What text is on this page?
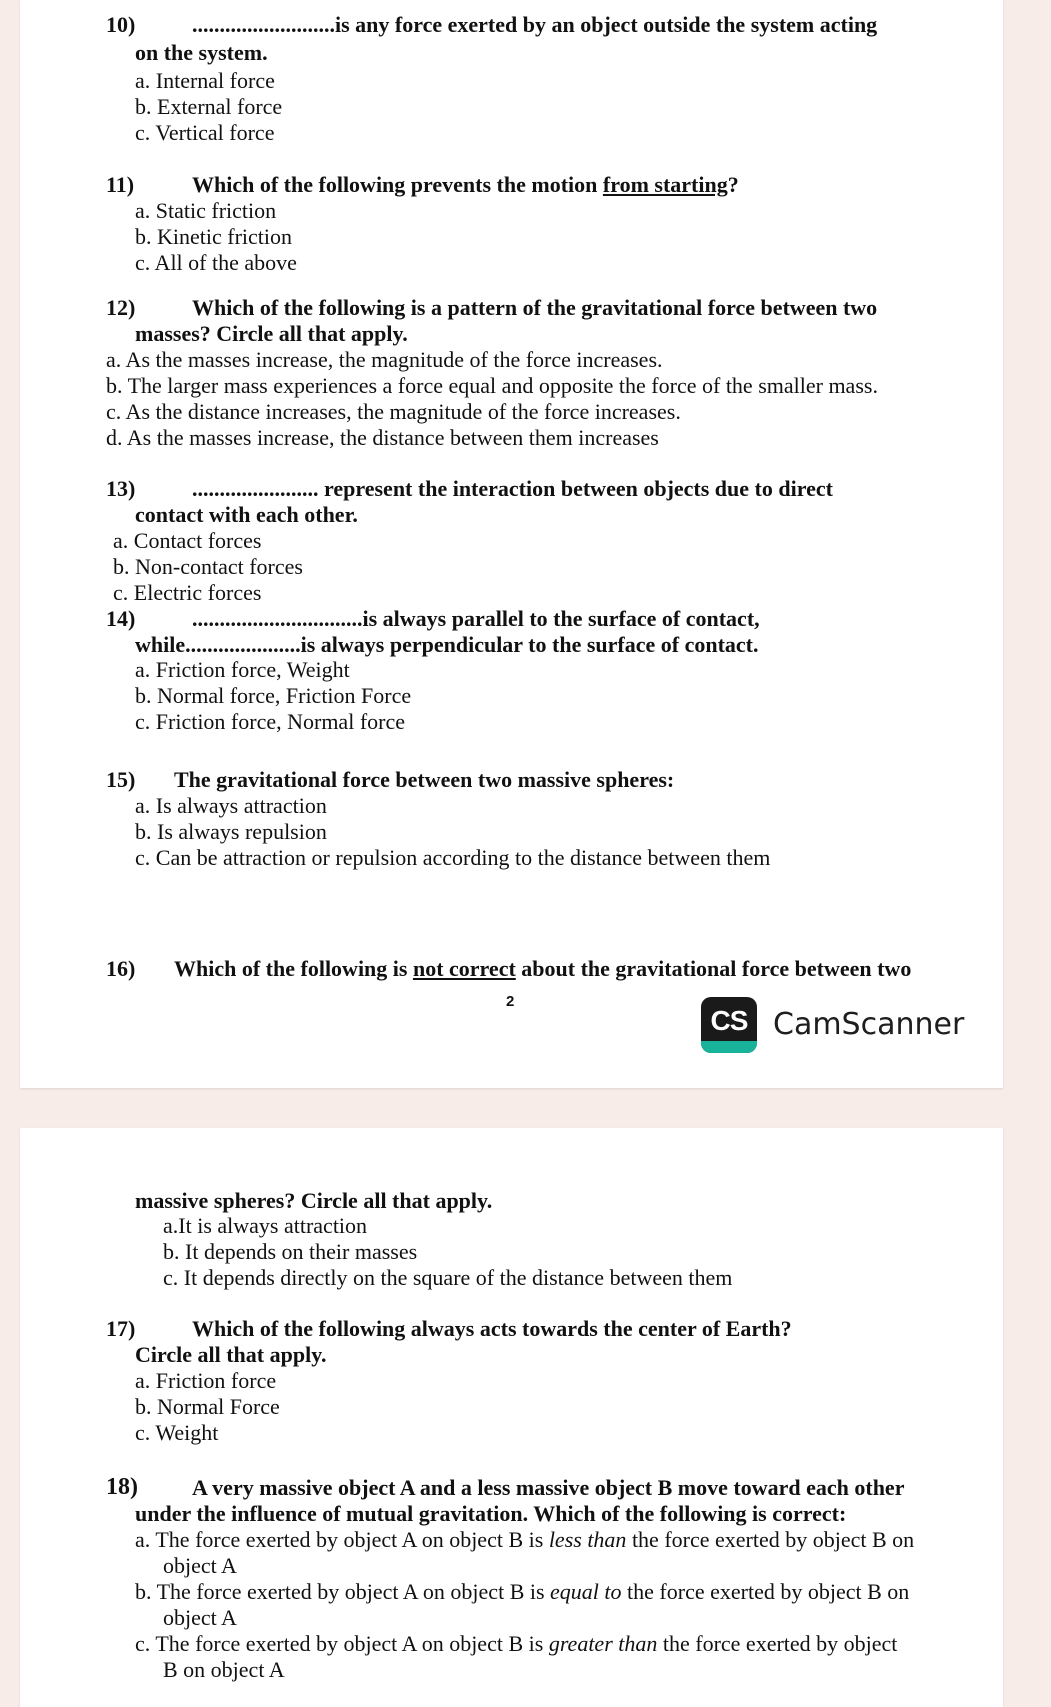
10)	..........................is any force exerted by an object outside the system acting
on the system.
a. Internal force
b. External force
c. Vertical force
11)	Which of the following prevents the motion from starting?
a. Static friction
b. Kinetic friction
c. All of the above
12)	Which of the following is a pattern of the gravitational force between two
masses? Circle all that apply.
a. As the masses increase, the magnitude of the force increases.
b. The larger mass experiences a force equal and opposite the force of the smaller mass.
c. As the distance increases, the magnitude of the force increases.
d. As the masses increase, the distance between them increases
13)	....................... represent the interaction between objects due to direct
contact with each other.
a. Contact forces
b. Non-contact forces
c. Electric forces
14)	...............................is always parallel to the surface of contact,
while.....................is always perpendicular to the surface of contact.
a. Friction force, Weight
b. Normal force, Friction Force
c. Friction force, Normal force
15) The gravitational force between two massive spheres:
a. Is always attraction
b. Is always repulsion
c. Can be attraction or repulsion according to the distance between them
16) Which of the following is not correct about the gravitational force between two
2
CS CamScanner
massive spheres? Circle all that apply.
a.It is always attraction
b. It depends on their masses
c. It depends directly on the square of the distance between them
17)	Which of the following always acts towards the center of Earth?
Circle all that apply.
a. Friction force
b. Normal Force
c. Weight
18) A very massive object A and a less massive object B move toward each other
under the influence of mutual gravitation. Which of the following is correct:
a. The force exerted by object A on object B is less than the force exerted by object B on
object A
b. The force exerted by object A on object B is equal to the force exerted by object B on
object A
c. The force exerted by object A on object B is greater than the force exerted by object
B on object A
